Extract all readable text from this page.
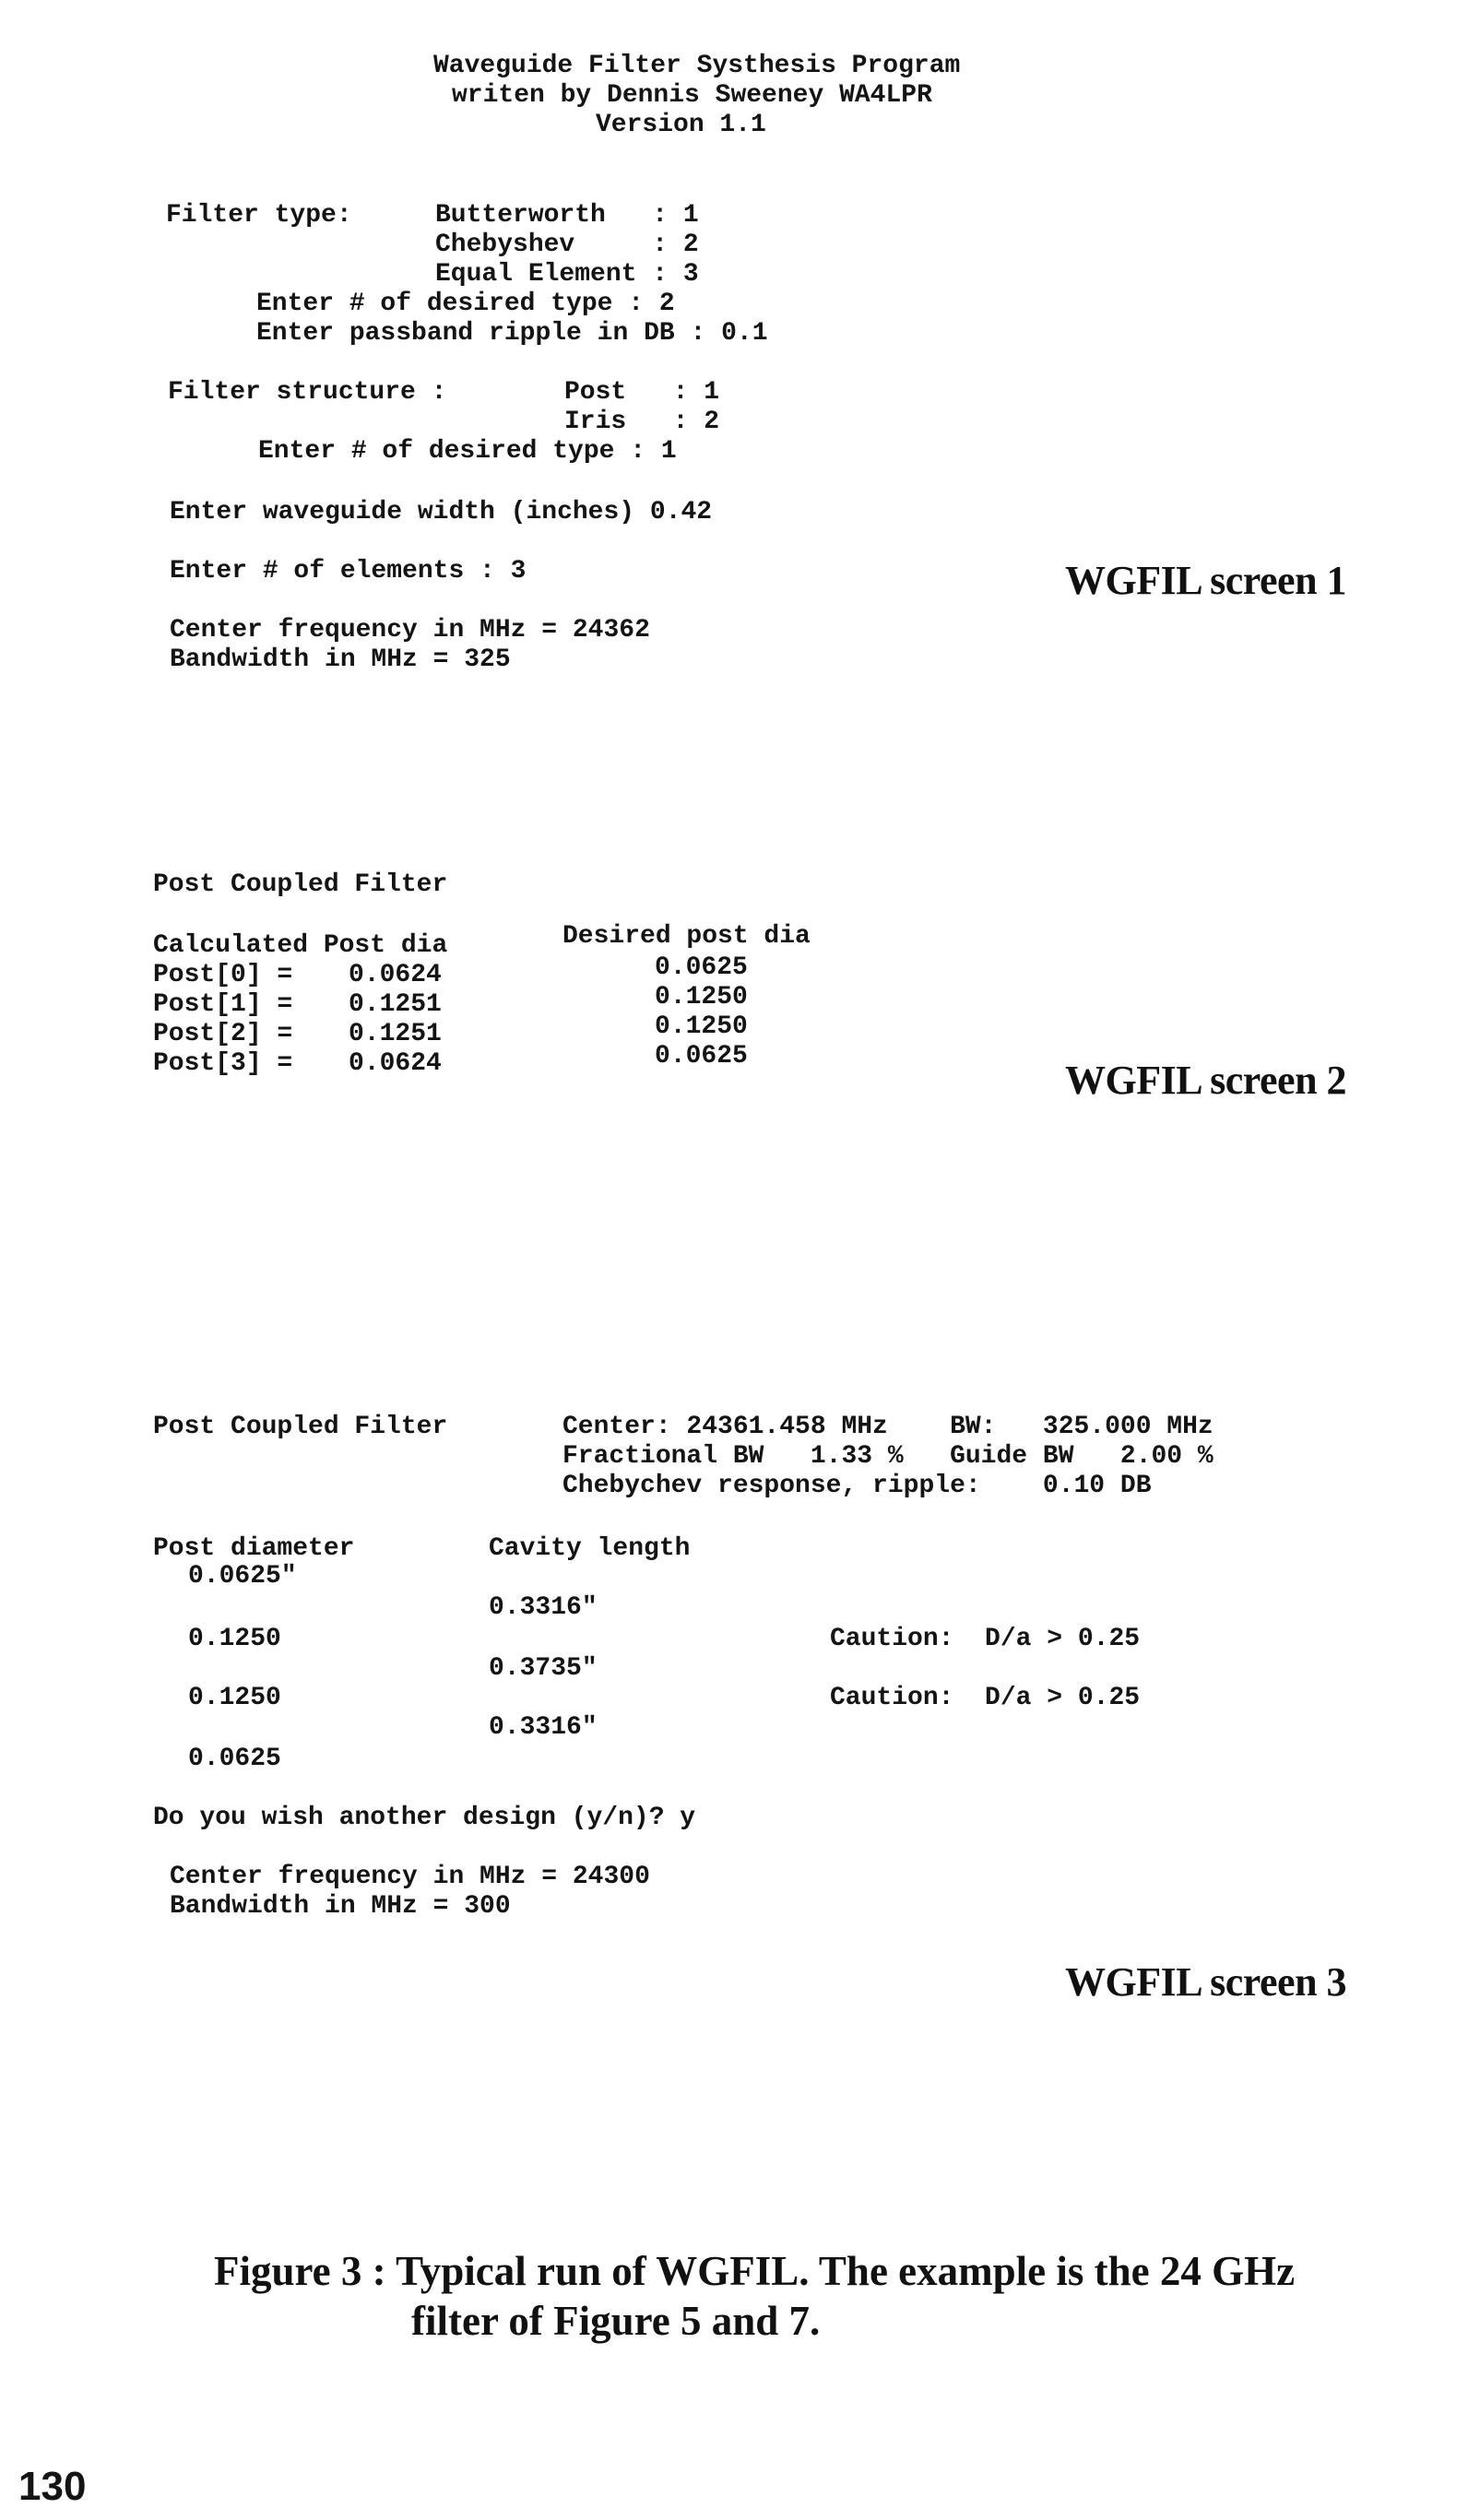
Waveguide Filter Systhesis Program
writen by Dennis Sweeney WA4LPR
Version 1.1
Filter type:	Butterworth   : 1
Chebyshev     : 2
Equal Element : 3
Enter # of desired type : 2
Enter passband ripple in DB : 0.1
Filter structure :	Post   : 1
Iris   : 2
Enter # of desired type : 1
Enter waveguide width (inches) 0.42
Enter # of elements : 3
Center frequency in MHz = 24362
Bandwidth in MHz = 325
WGFIL screen 1
Post Coupled Filter
Calculated Post dia	Desired post dia
Post[0] = 0.0624	0.0625
Post[1] = 0.1251	0.1250
Post[2] = 0.1251	0.1250
Post[3] = 0.0624	0.0625
WGFIL screen 2
Post Coupled Filter	Center: 24361.458 MHz    BW:   325.000 MHz
Fractional BW   1.33 %   Guide BW   2.00 %
Chebychev response, ripple:    0.10 DB
Post diameter	Cavity length
0.0625"
0.3316"
0.1250	Caution:  D/a > 0.25
0.3735"
0.1250	Caution:  D/a > 0.25
0.3316"
0.0625
Do you wish another design (y/n)? y
Center frequency in MHz = 24300
Bandwidth in MHz = 300
WGFIL screen 3
Figure 3 : Typical run of WGFIL. The example is the 24 GHz
filter of Figure 5 and 7.
130
